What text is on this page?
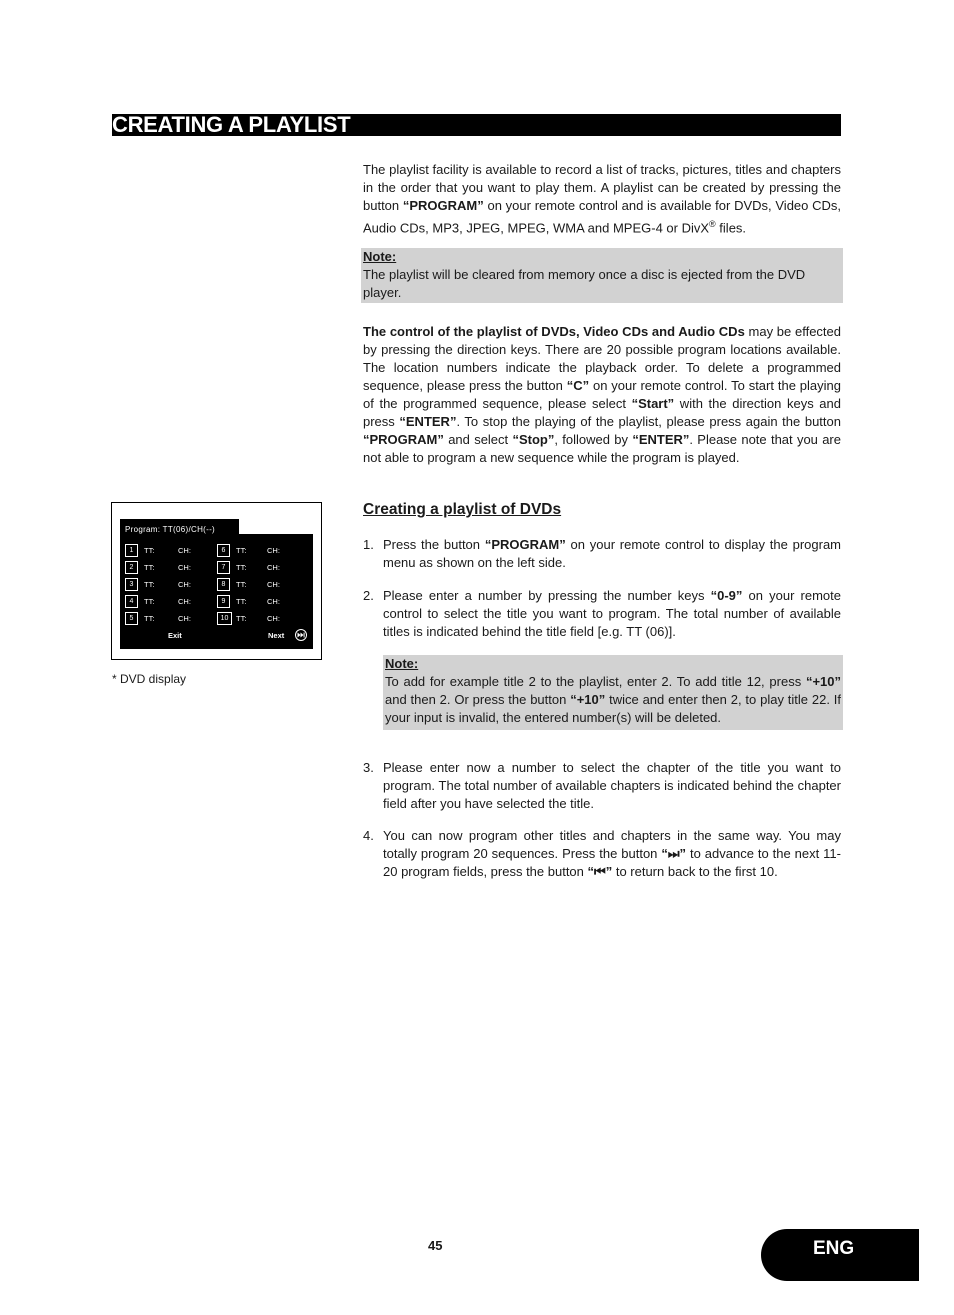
CREATING A PLAYLIST

The playlist facility is available to record a list of tracks, pictures, titles and chapters in the order that you want to play them. A playlist can be created by pressing the button “PROGRAM” on your remote control and is available for DVDs, Video CDs, Audio CDs, MP3, JPEG, MPEG, WMA and MPEG-4 or DivX® files.

Note:
The playlist will be cleared from memory once a disc is ejected from the DVD player.

The control of the playlist of DVDs, Video CDs and Audio CDs may be effected by pressing the direction keys. There are 20 possible program locations available. The location numbers indicate the playback order. To delete a programmed sequence, please press the button “C” on your remote control. To start the playing of the programmed sequence, please select “Start” with the direction keys and press “ENTER”. To stop the playing of the playlist, please press again the button “PROGRAM” and select “Stop”, followed by “ENTER”. Please note that you are not able to program a new sequence while the program is played.

Program: TT(06)/CH(--)
1	TT:	CH:
2	TT:	CH:
3	TT:	CH:
4	TT:	CH:
5	TT:	CH:
6	TT:	CH:
7	TT:	CH:
8	TT:	CH:
9	TT:	CH:
10	TT:	CH:
Exit	Next
* DVD display
Creating a playlist of DVDs
1. Press the button “PROGRAM” on your remote control to display the program menu as shown on the left side.
2. Please enter a number by pressing the number keys “0-9” on your remote control to select the title you want to program. The total number of available titles is indicated behind the title field [e.g. TT (06)].
Note:
To add for example title 2 to the playlist, enter 2. To add title 12, press “+10” and then 2. Or press the button “+10” twice and enter then 2, to play title 22. If your input is invalid, the entered number(s) will be deleted.
3. Please enter now a number to select the chapter of the title you want to program. The total number of available chapters is indicated behind the chapter field after you have selected the title.
4. You can now program other titles and chapters in the same way. You may totally program 20 sequences. Press the button “⏭” to advance to the next 11-20 program fields, press the button “⏮” to return back to the first 10.
45	ENG
